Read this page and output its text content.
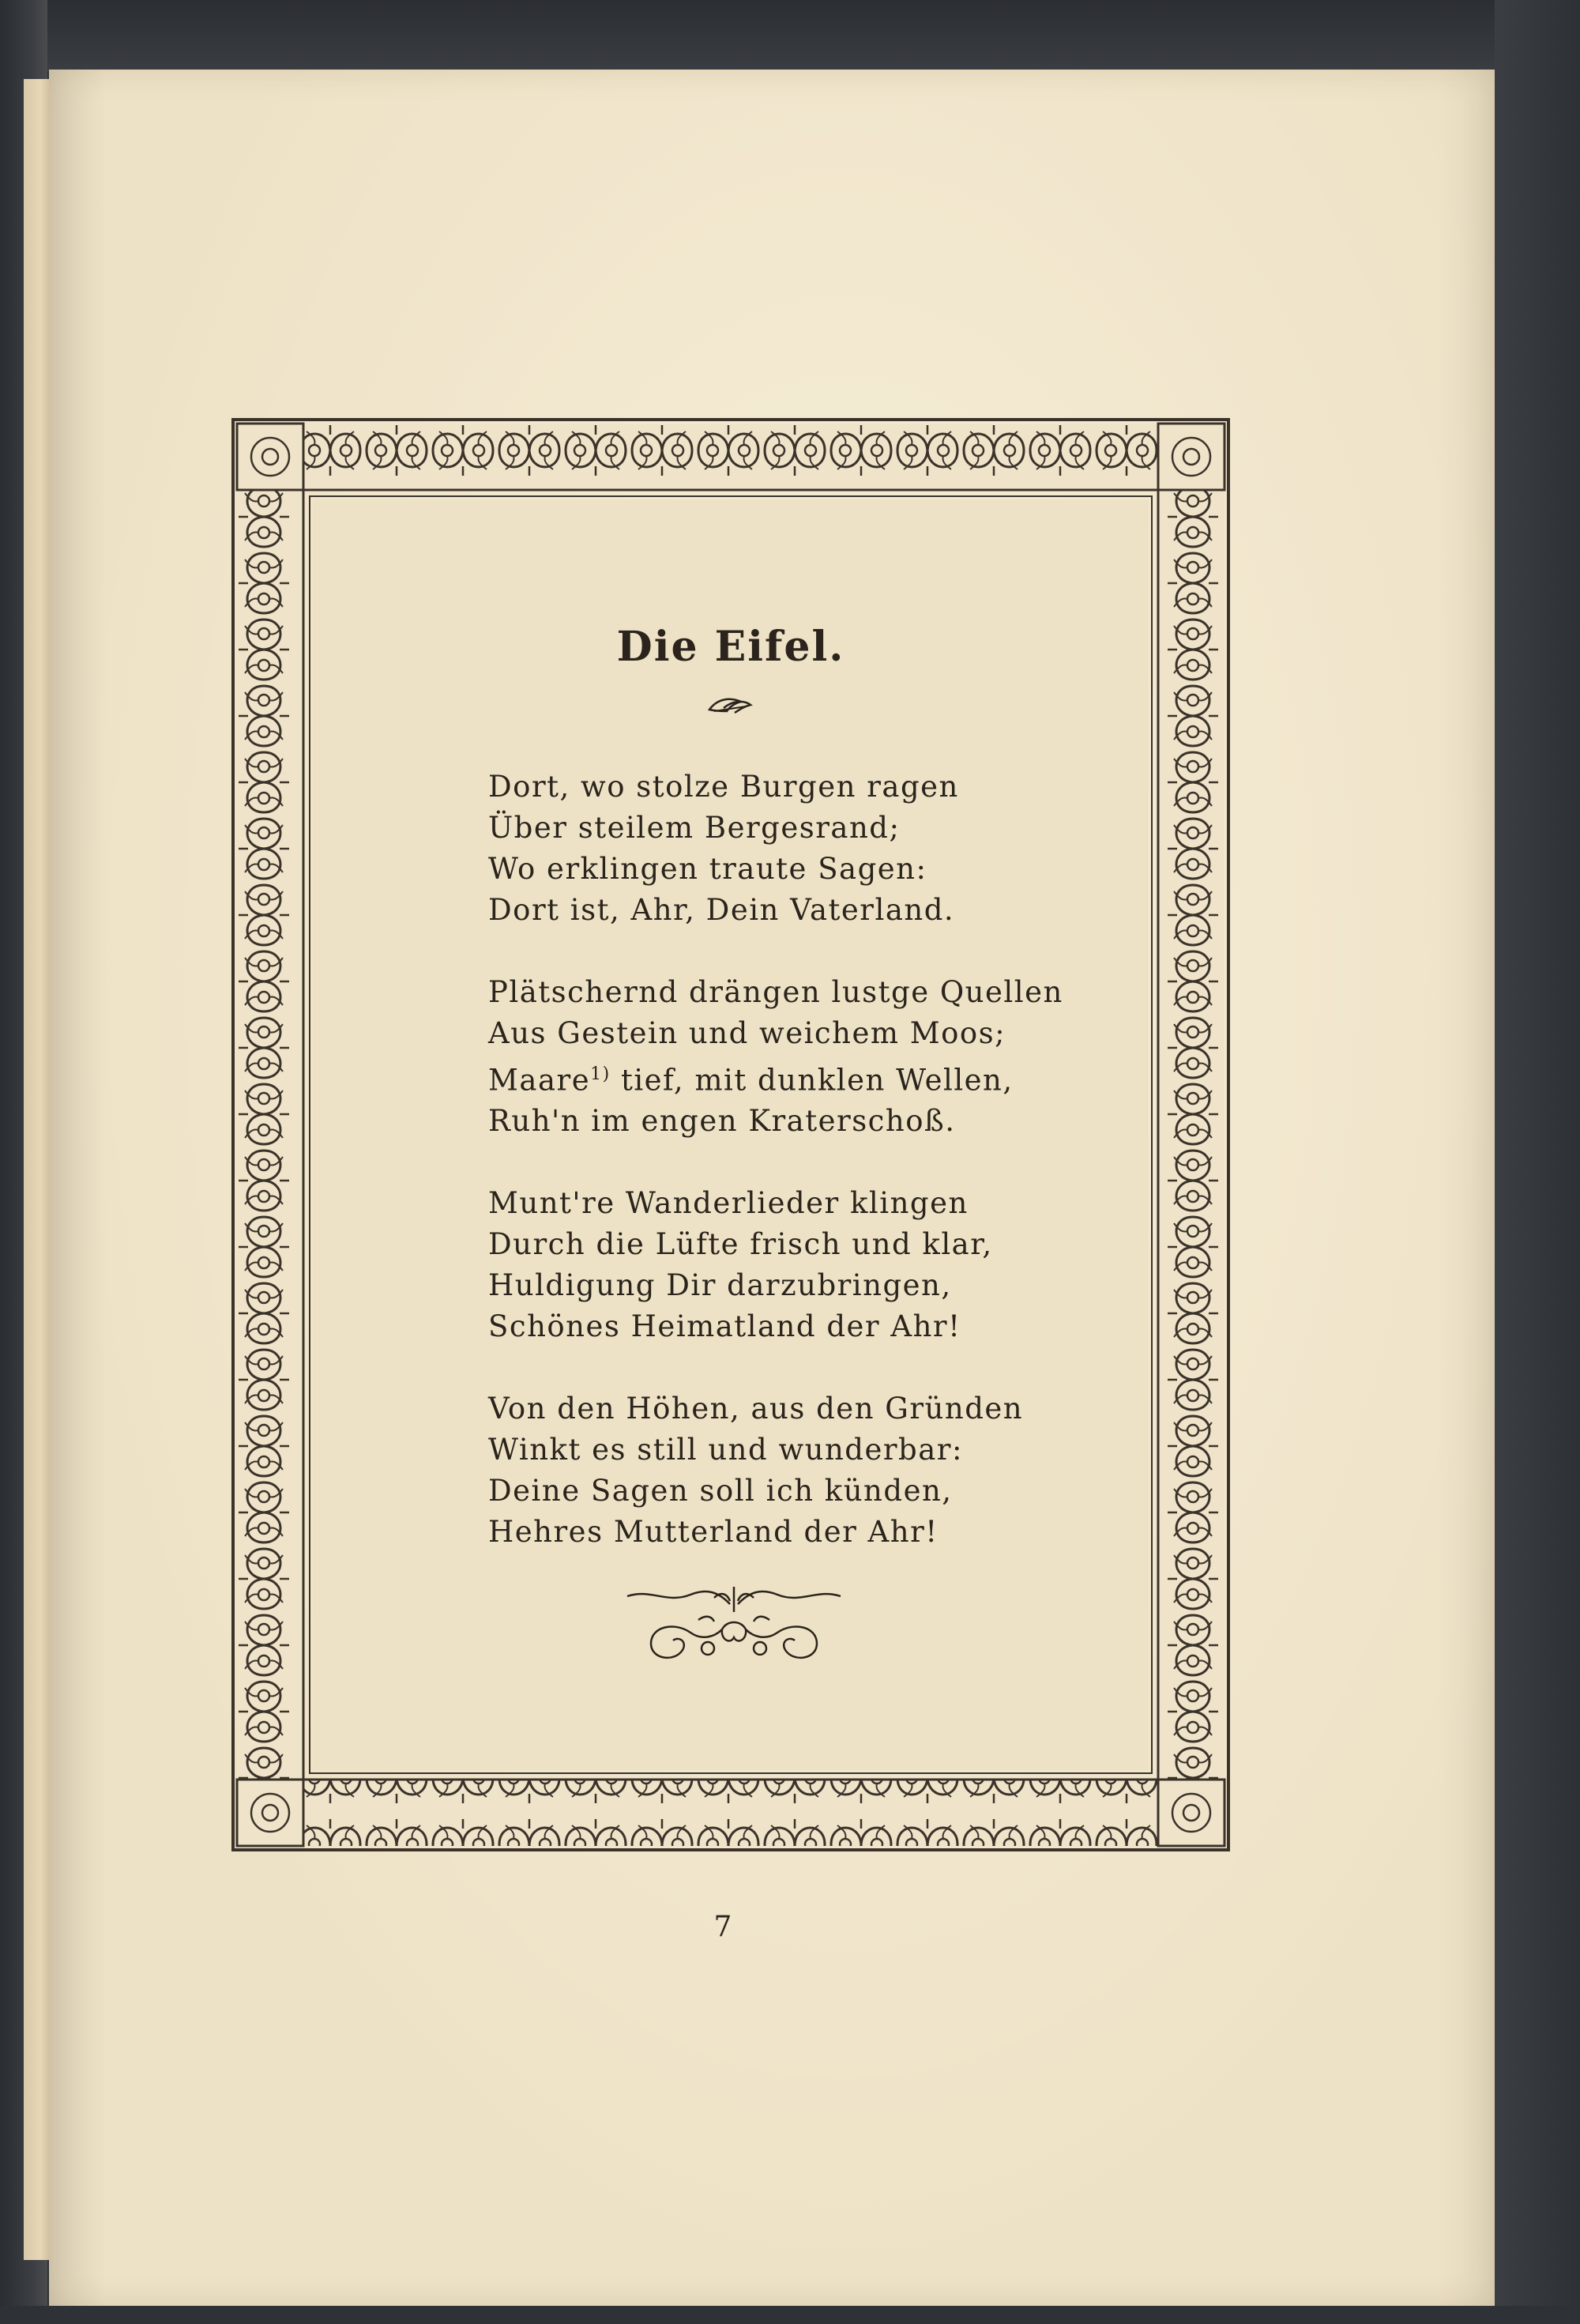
Die Eifel.
Dort, wo stolze Burgen ragen
Über steilem Bergesrand;
Wo erklingen traute Sagen:
Dort ist, Ahr, Dein Vaterland.
Plätschernd drängen lustge Quellen
Aus Gestein und weichem Moos;
Maare$^{1)}$ tief, mit dunklen Wellen,
Ruh'n im engen Kraterschoß.
Munt're Wanderlieder klingen
Durch die Lüfte frisch und klar,
Huldigung Dir darzubringen,
Schönes Heimatland der Ahr!
Von den Höhen, aus den Gründen
Winkt es still und wunderbar:
Deine Sagen soll ich künden,
Hehres Mutterland der Ahr!
7
